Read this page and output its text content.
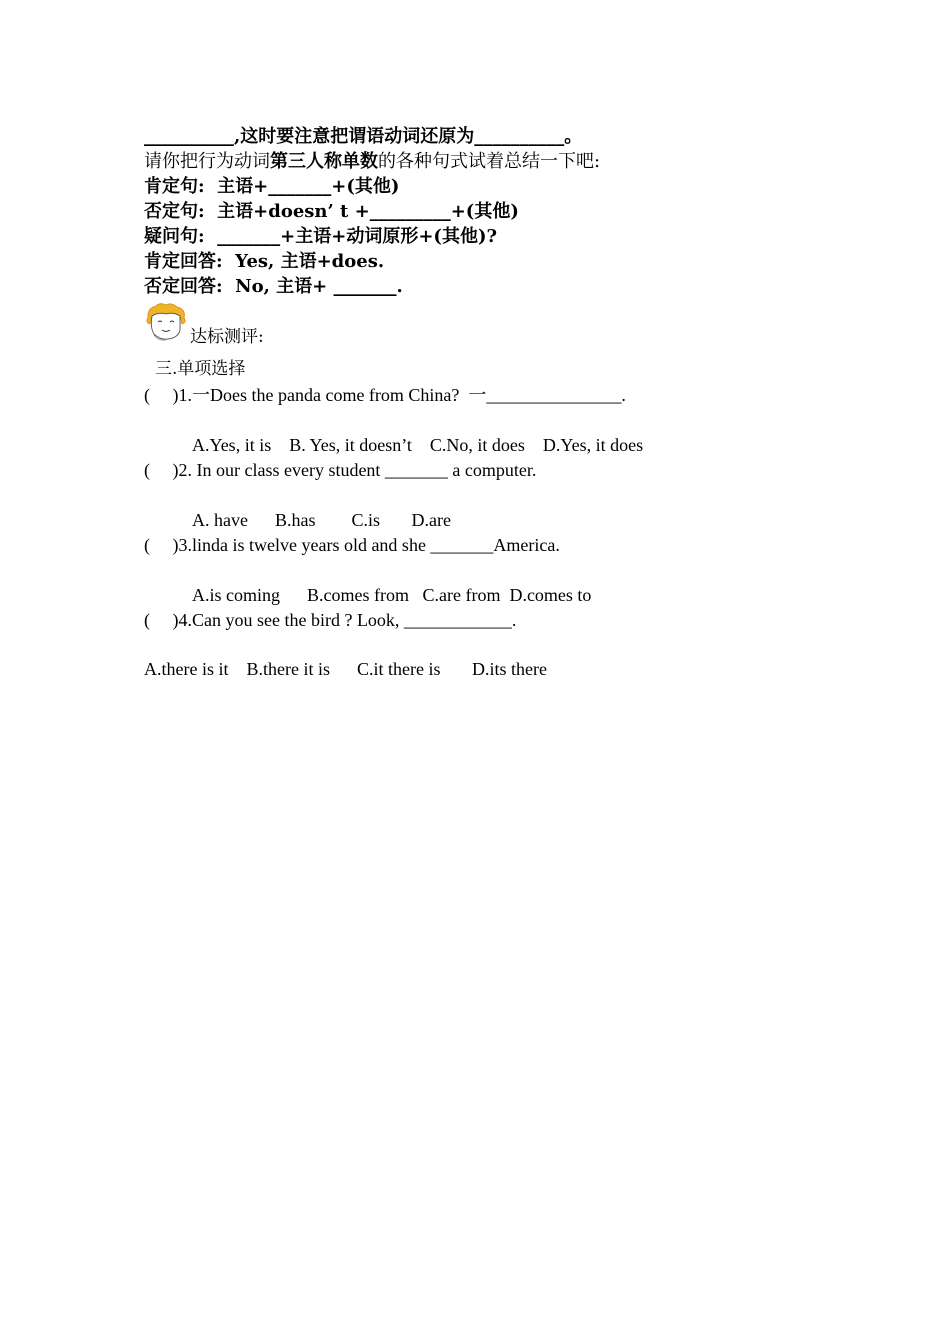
__________,这时要注意把谓语动词还原为__________。
请你把行为动词第三人称单数的各种句式试着总结一下吧:
肯定句:  主语+_______+(其他)
否定句:  主语+doesn’ t +_________+(其他)
疑问句:  _______+主语+动词原形+(其他)?
肯定回答:  Yes, 主语+does.
否定回答:  No, 主语+ _______.
达标测评:
三.单项选择
(     )1.一Does the panda come from China?  一_______________.
A.Yes, it is    B. Yes, it doesn’t    C.No, it does    D.Yes, it does
(     )2. In our class every student _______ a computer.
A. have      B.has        C.is       D.are
(     )3.linda is twelve years old and she _______America.
A.is coming      B.comes from   C.are from  D.comes to
(     )4.Can you see the bird ? Look, ____________.
A.there is it    B.there it is      C.it there is       D.its there
